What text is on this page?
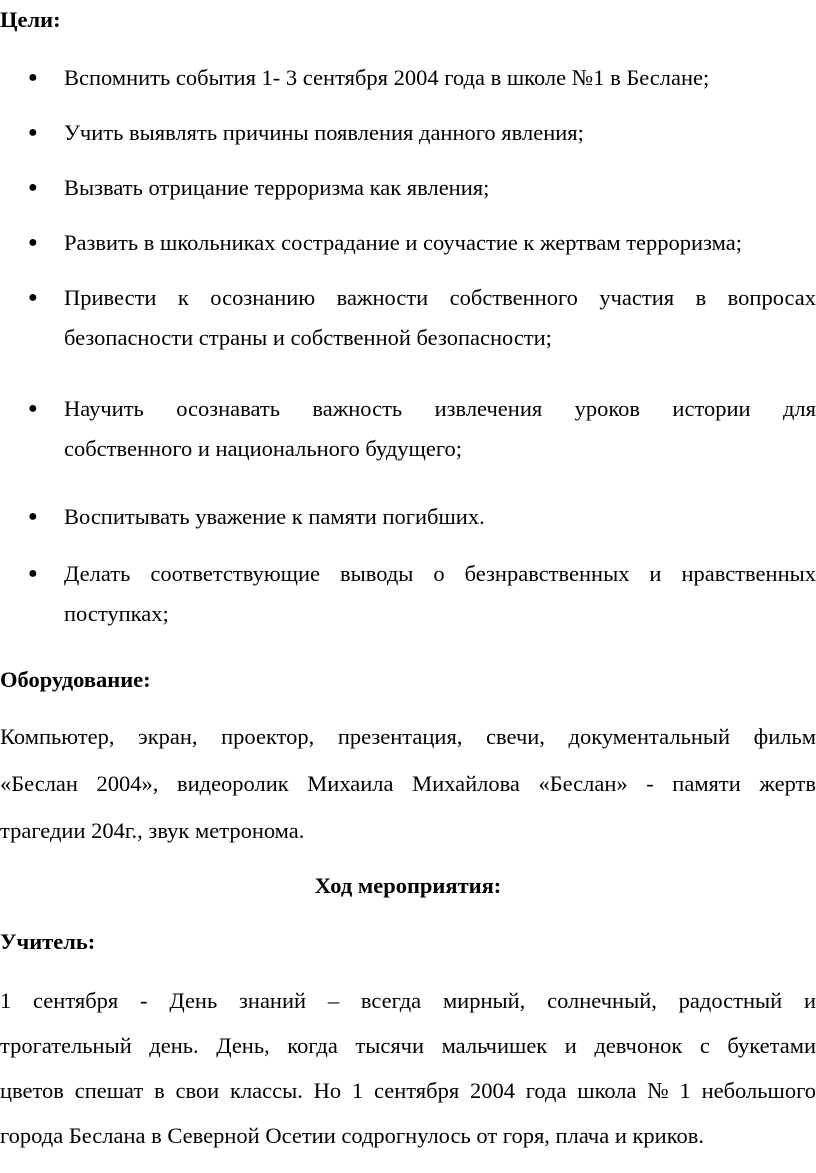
Цели:
● Вспомнить события 1- 3 сентября 2004 года в школе №1 в Беслане;
● Учить выявлять причины появления данного явления;
● Вызвать отрицание терроризма как явления;
● Развить в школьниках сострадание и соучастие к жертвам терроризма;
● Привести к осознанию важности собственного участия в вопросах
безопасности страны и собственной безопасности;
● Научить осознавать важность извлечения уроков истории для
собственного и национального будущего;
● Воспитывать уважение к памяти погибших.
● Делать соответствующие выводы о безнравственных и нравственных
поступках;
Оборудование:
Компьютер, экран, проектор, презентация, свечи, документальный фильм
«Беслан 2004», видеоролик Михаила Михайлова «Беслан» - памяти жертв
трагедии 204г., звук метронома.
Ход мероприятия:
Учитель:
1 сентября - День знаний – всегда мирный, солнечный, радостный и
трогательный день. День, когда тысячи мальчишек и девчонок с букетами
цветов спешат в свои классы. Но 1 сентября 2004 года школа № 1 небольшого
города Беслана в Северной Осетии содрогнулось от горя, плача и криков.
